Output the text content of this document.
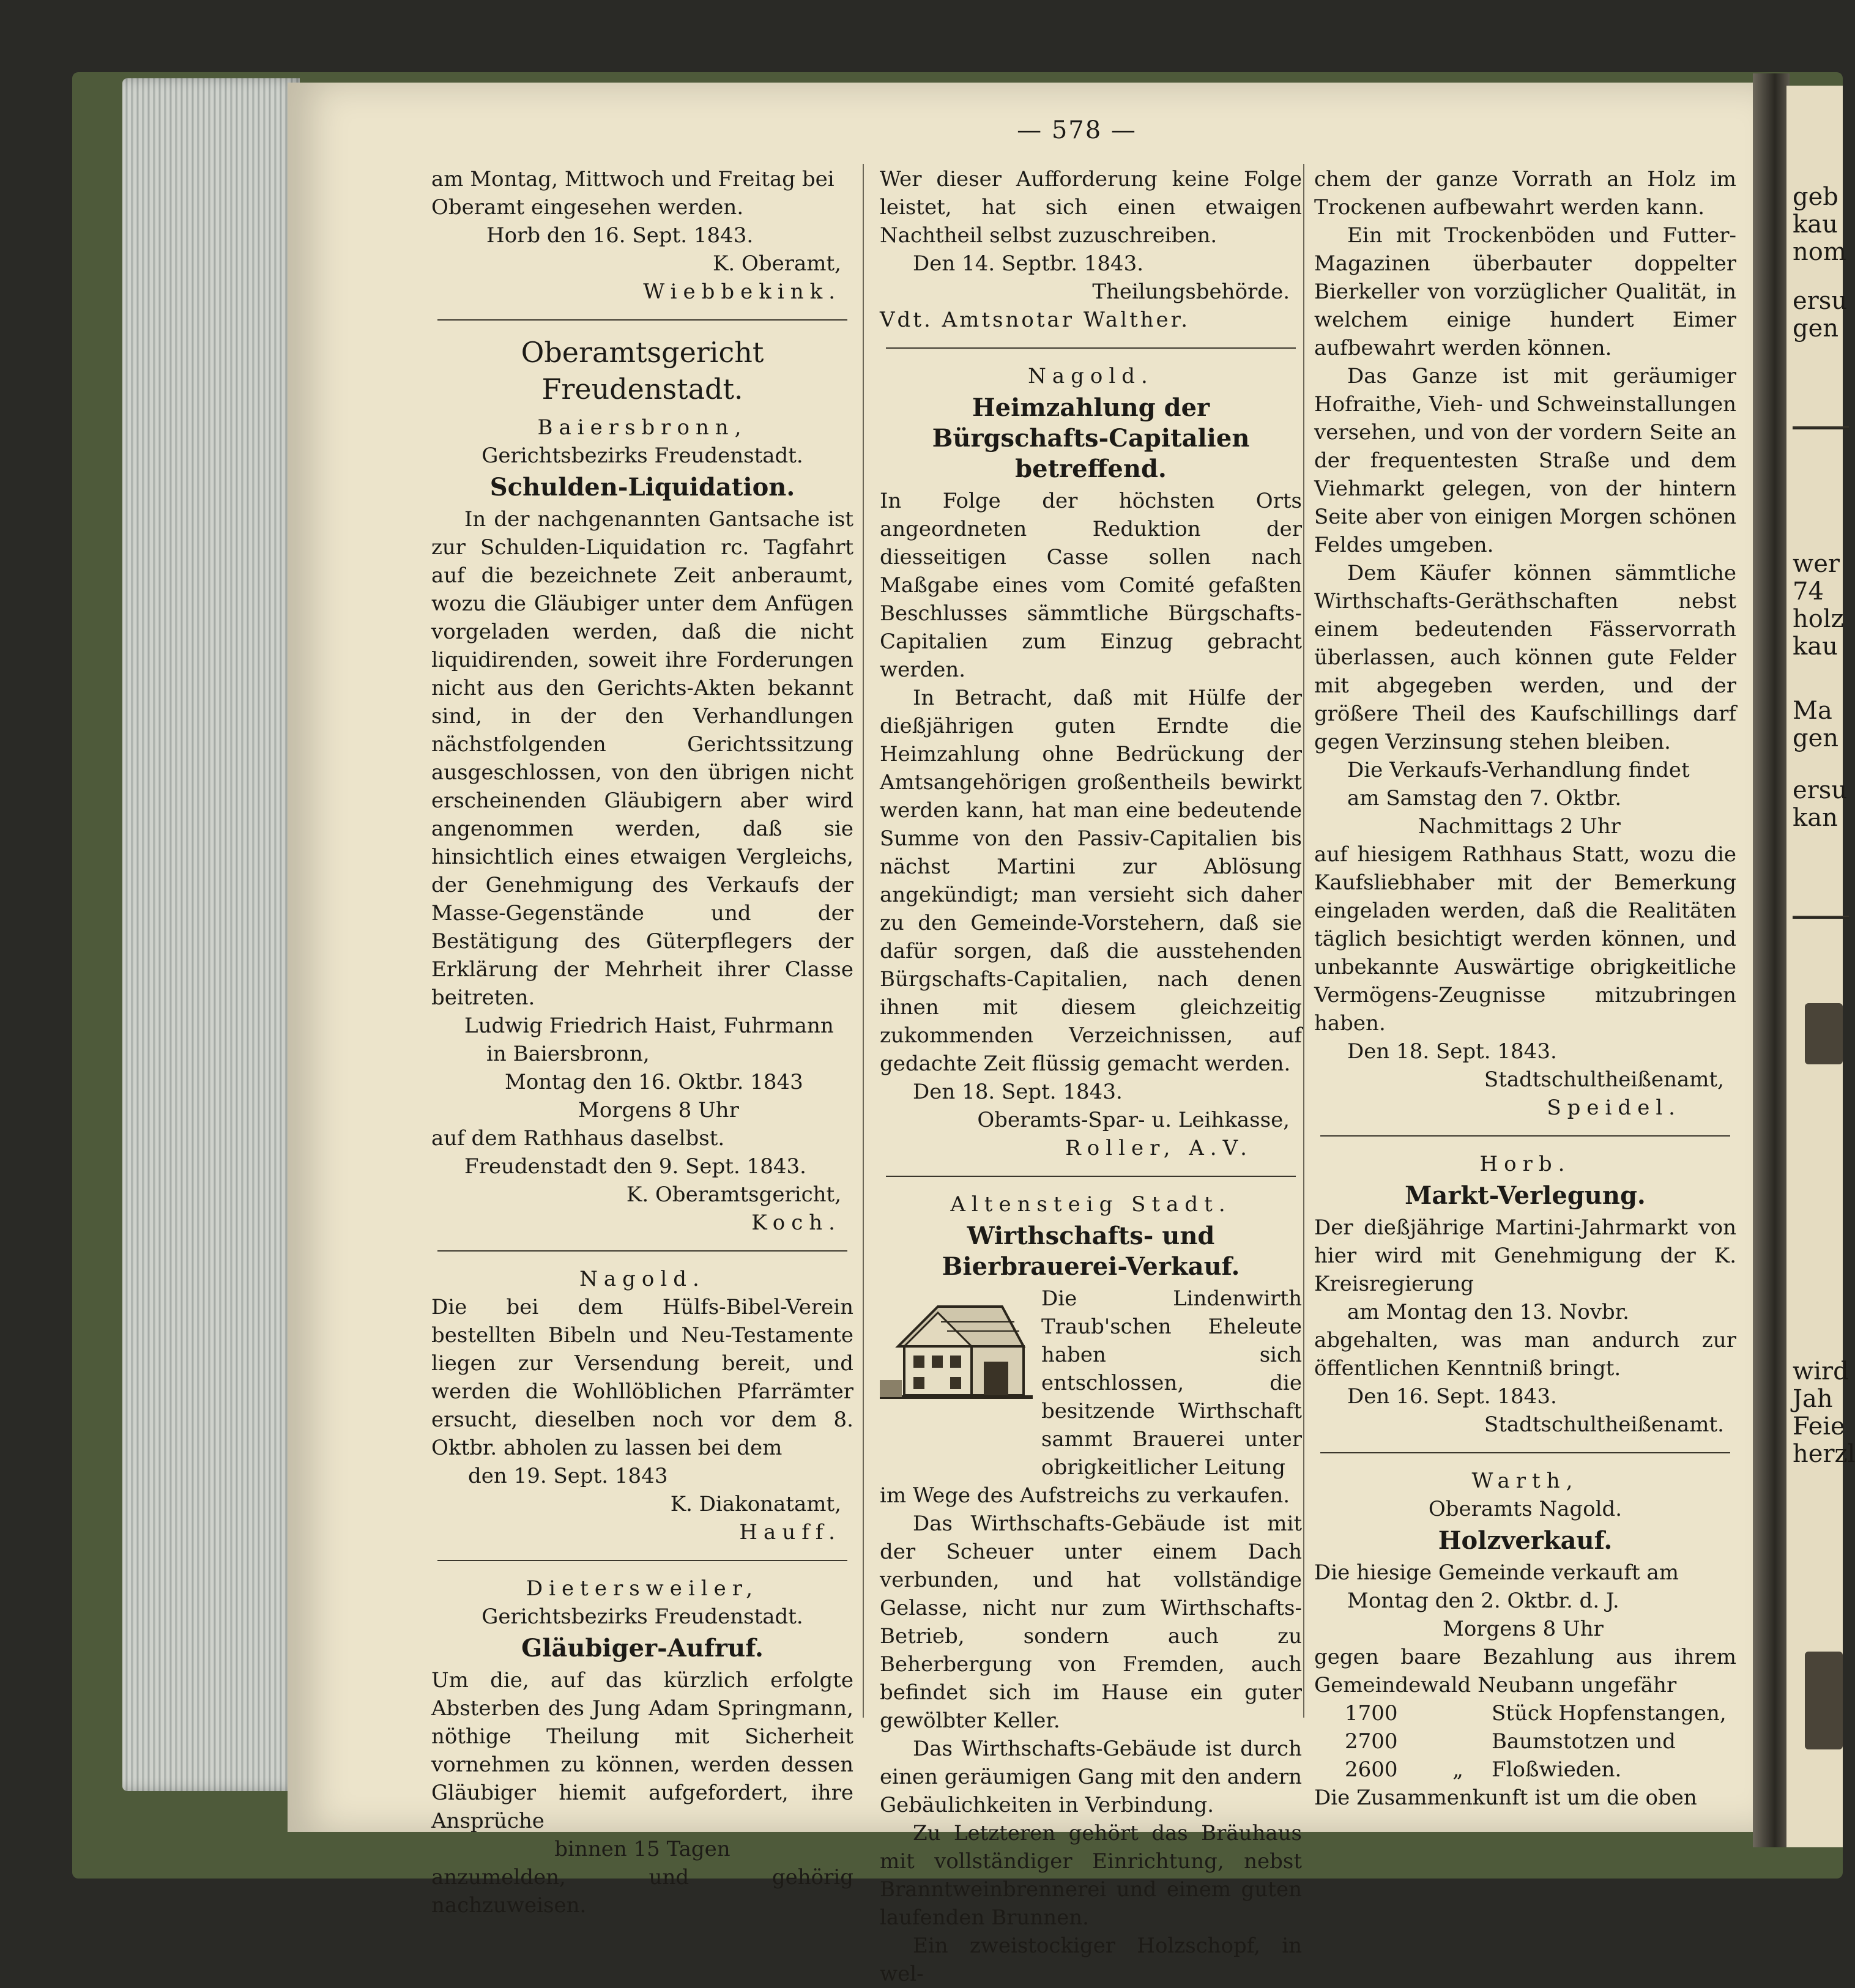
— 578 —

am Montag, Mittwoch und Freitag bei

Oberamt eingesehen werden.

Horb den 16. Sept. 1843.

K. Oberamt,

Wiebbekink.

Oberamtsgericht Freudenstadt.

Baiersbronn,

Gerichtsbezirks Freudenstadt.

Schulden-Liquidation.

In der nachgenannten Gantsache ist zur Schulden-Liquidation rc. Tagfahrt auf die bezeichnete Zeit anberaumt, wozu die Gläubiger unter dem Anfügen vorgeladen werden, daß die nicht liquidirenden, soweit ihre Forderungen nicht aus den Gerichts-Akten bekannt sind, in der den Verhandlungen nächstfolgenden Gerichtssitzung ausgeschlossen, von den übrigen nicht erscheinenden Gläubigern aber wird angenommen werden, daß sie hinsichtlich eines etwaigen Vergleichs, der Genehmigung des Verkaufs der Masse-Gegenstände und der Bestätigung des Güterpflegers der Erklärung der Mehrheit ihrer Classe beitreten.

Ludwig Friedrich Haist, Fuhrmann

in Baiersbronn,

Montag den 16. Oktbr. 1843

Morgens 8 Uhr

auf dem Rathhaus daselbst.

Freudenstadt den 9. Sept. 1843.

K. Oberamtsgericht,

Koch.

Nagold.

Die bei dem Hülfs-Bibel-Verein bestellten Bibeln und Neu-Testamente liegen zur Versendung bereit, und werden die Wohllöblichen Pfarrämter ersucht, dieselben noch vor dem 8. Oktbr. abholen zu lassen bei dem

den 19. Sept. 1843

K. Diakonatamt,

Hauff.

Dietersweiler,

Gerichtsbezirks Freudenstadt.

Gläubiger-Aufruf.

Um die, auf das kürzlich erfolgte Absterben des Jung Adam Springmann, nöthige Theilung mit Sicherheit vornehmen zu können, werden dessen Gläubiger hiemit aufgefordert, ihre Ansprüche

binnen 15 Tagen

anzumelden, und gehörig nachzuweisen.

Wer dieser Aufforderung keine Folge leistet, hat sich einen etwaigen Nachtheil selbst zuzuschreiben.

Den 14. Septbr. 1843.

Theilungsbehörde.

Vdt. Amtsnotar Walther.

Nagold.

Heimzahlung der Bürgschafts-Capitalien betreffend.

In Folge der höchsten Orts angeordneten Reduktion der diesseitigen Casse sollen nach Maßgabe eines vom Comité gefaßten Beschlusses sämmtliche Bürgschafts-Capitalien zum Einzug gebracht werden.

In Betracht, daß mit Hülfe der dießjährigen guten Erndte die Heimzahlung ohne Bedrückung der Amtsangehörigen großentheils bewirkt werden kann, hat man eine bedeutende Summe von den Passiv-Capitalien bis nächst Martini zur Ablösung angekündigt; man versieht sich daher zu den Gemeinde-Vorstehern, daß sie dafür sorgen, daß die ausstehenden Bürgschafts-Capitalien, nach denen ihnen mit diesem gleichzeitig zukommenden Verzeichnissen, auf gedachte Zeit flüssig gemacht werden.

Den 18. Sept. 1843.

Oberamts-Spar- u. Leihkasse,

Roller, A.V.

Altensteig Stadt.

Wirthschafts- und Bierbrauerei-Verkauf.

Die Lindenwirth Traub'schen Eheleute haben sich entschlossen, die besitzende Wirthschaft sammt Brauerei unter obrigkeitlicher Leitung

im Wege des Aufstreichs zu verkaufen.

Das Wirthschafts-Gebäude ist mit der Scheuer unter einem Dach verbunden, und hat vollständige Gelasse, nicht nur zum Wirthschafts-Betrieb, sondern auch zu Beherbergung von Fremden, auch befindet sich im Hause ein guter gewölbter Keller.

Das Wirthschafts-Gebäude ist durch einen geräumigen Gang mit den andern Gebäulichkeiten in Verbindung.

Zu Letzteren gehört das Bräuhaus mit vollständiger Einrichtung, nebst Branntweinbrennerei und einem guten laufenden Brunnen.

Ein zweistockiger Holzschopf, in wel-

chem der ganze Vorrath an Holz im Trockenen aufbewahrt werden kann.

Ein mit Trockenböden und Futter-Magazinen überbauter doppelter Bierkeller von vorzüglicher Qualität, in welchem einige hundert Eimer aufbewahrt werden können.

Das Ganze ist mit geräumiger Hofraithe, Vieh- und Schweinstallungen versehen, und von der vordern Seite an der frequentesten Straße und dem Viehmarkt gelegen, von der hintern Seite aber von einigen Morgen schönen Feldes umgeben.

Dem Käufer können sämmtliche Wirthschafts-Geräthschaften nebst einem bedeutenden Fässervorrath überlassen, auch können gute Felder mit abgegeben werden, und der größere Theil des Kaufschillings darf gegen Verzinsung stehen bleiben.

Die Verkaufs-Verhandlung findet

am Samstag den 7. Oktbr.

Nachmittags 2 Uhr

auf hiesigem Rathhaus Statt, wozu die Kaufsliebhaber mit der Bemerkung eingeladen werden, daß die Realitäten täglich besichtigt werden können, und unbekannte Auswärtige obrigkeitliche Vermögens-Zeugnisse mitzubringen haben.

Den 18. Sept. 1843.

Stadtschultheißenamt,

Speidel.

Horb.

Markt-Verlegung.

Der dießjährige Martini-Jahrmarkt von hier wird mit Genehmigung der K. Kreisregierung

am Montag den 13. Novbr.

abgehalten, was man andurch zur öffentlichen Kenntniß bringt.

Den 16. Sept. 1843.

Stadtschultheißenamt.

Warth,

Oberamts Nagold.

Holzverkauf.

Die hiesige Gemeinde verkauft am

Montag den 2. Oktbr. d. J.

Morgens 8 Uhr

gegen baare Bezahlung aus ihrem Gemeindewald Neubann ungefähr

1700	Stück Hopfenstangen,

2700	Baumstotzen und

2600	„	Floßwieden.

Die Zusammenkunft ist um die oben

geb
kau
nom
ersu
gen
wer
74
holz
kau
Ma
gen
ersu
kan
wird
Jah
Feie
herzl
